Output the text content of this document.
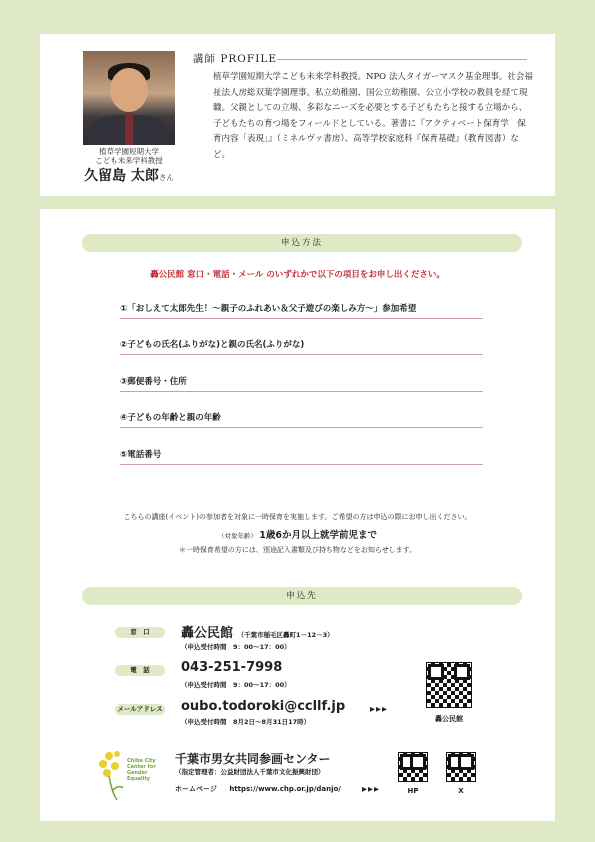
植草学園短期大学
こども未来学科教授
久留島 太郎さん
講師 PROFILE
植草学園短期大学こども未来学科教授。NPO 法人タイガーマスク基金理事。社会福祉法人房総双葉学園理事。私立幼稚園、国公立幼稚園、公立小学校の教員を経て現職。父親としての立場、多彩なニーズを必要とする子どもたちと接する立場から、子どもたちの育つ場をフィールドとしている。著書に『アクティベート保育学　保育内容「表現」』（ミネルヴァ書房）、高等学校家庭科『保育基礎』（教育図書）など。
申込方法
轟公民館 窓口・電話・メール のいずれかで以下の項目をお申し出ください。
①「おしえて太郎先生！～親子のふれあい＆父子遊びの楽しみ方～」参加希望
②子どもの氏名(ふりがな)と親の氏名(ふりがな)
③郵便番号・住所
④子どもの年齢と親の年齢
⑤電話番号
こちらの講座(イベント)の参加者を対象に一時保育を実施します。ご希望の方は申込の際にお申し出ください。
（対象年齢） 1歳6か月以上就学前児まで
＊一時保育希望の方には、別途記入書類及び持ち物などをお知らせします。
申込先
窓　口	轟公民館 （千葉市稲毛区轟町1－12－3）
（申込受付時間　9：00～17：00）
電　話	043-251-7998
（申込受付時間　9：00～17：00）
メールアドレス oubo.todoroki@ccllf.jp
（申込受付時間　8月2日～8月31日17時）
▶▶▶
轟公民館
Chiba City Center for Gender Equality
千葉市男女共同参画センター
（指定管理者：公益財団法人千葉市文化振興財団）
ホームページ https://www.chp.or.jp/danjo/	▶▶▶	HP	X
